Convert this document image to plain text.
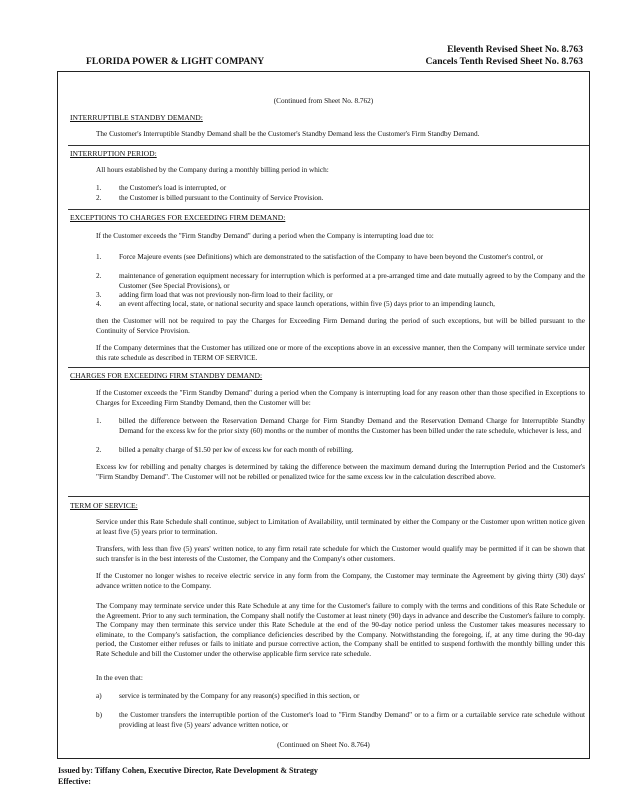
Eleventh Revised Sheet No. 8.763
Cancels Tenth Revised Sheet No. 8.763
FLORIDA POWER & LIGHT COMPANY
(Continued from Sheet No. 8.762)
INTERRUPTIBLE STANDBY DEMAND:
The Customer's Interruptible Standby Demand shall be the Customer's Standby Demand less the Customer's Firm Standby Demand.
INTERRUPTION PERIOD:
All hours established by the Company during a monthly billing period in which:
1. the Customer's load is interrupted, or
2. the Customer is billed pursuant to the Continuity of Service Provision.
EXCEPTIONS TO CHARGES FOR EXCEEDING FIRM DEMAND:
If the Customer exceeds the "Firm Standby Demand" during a period when the Company is interrupting load due to:
1. Force Majeure events (see Definitions) which are demonstrated to the satisfaction of the Company to have been beyond the Customer's control, or
2. maintenance of generation equipment necessary for interruption which is performed at a pre-arranged time and date mutually agreed to by the Company and the Customer (See Special Provisions), or
3. adding firm load that was not previously non-firm load to their facility, or
4. an event affecting local, state, or national security and space launch operations, within five (5) days prior to an impending launch,
then the Customer will not be required to pay the Charges for Exceeding Firm Demand during the period of such exceptions, but will be billed pursuant to the Continuity of Service Provision.
If the Company determines that the Customer has utilized one or more of the exceptions above in an excessive manner, then the Company will terminate service under this rate schedule as described in TERM OF SERVICE.
CHARGES FOR EXCEEDING FIRM STANDBY DEMAND:
If the Customer exceeds the "Firm Standby Demand" during a period when the Company is interrupting load for any reason other than those specified in Exceptions to Charges for Exceeding Firm Standby Demand, then the Customer will be:
1. billed the difference between the Reservation Demand Charge for Firm Standby Demand and the Reservation Demand Charge for Interruptible Standby Demand for the excess kw for the prior sixty (60) months or the number of months the Customer has been billed under the rate schedule, whichever is less, and
2. billed a penalty charge of $1.50 per kw of excess kw for each month of rebilling.
Excess kw for rebilling and penalty charges is determined by taking the difference between the maximum demand during the Interruption Period and the Customer's "Firm Standby Demand". The Customer will not be rebilled or penalized twice for the same excess kw in the calculation described above.
TERM OF SERVICE:
Service under this Rate Schedule shall continue, subject to Limitation of Availability, until terminated by either the Company or the Customer upon written notice given at least five (5) years prior to termination.
Transfers, with less than five (5) years' written notice, to any firm retail rate schedule for which the Customer would qualify may be permitted if it can be shown that such transfer is in the best interests of the Customer, the Company and the Company's other customers.
If the Customer no longer wishes to receive electric service in any form from the Company, the Customer may terminate the Agreement by giving thirty (30) days' advance written notice to the Company.
The Company may terminate service under this Rate Schedule at any time for the Customer's failure to comply with the terms and conditions of this Rate Schedule or the Agreement. Prior to any such termination, the Company shall notify the Customer at least ninety (90) days in advance and describe the Customer's failure to comply. The Company may then terminate this service under this Rate Schedule at the end of the 90-day notice period unless the Customer takes measures necessary to eliminate, to the Company's satisfaction, the compliance deficiencies described by the Company. Notwithstanding the foregoing, if, at any time during the 90-day period, the Customer either refuses or fails to initiate and pursue corrective action, the Company shall be entitled to suspend forthwith the monthly billing under this Rate Schedule and bill the Customer under the otherwise applicable firm service rate schedule.
In the even that:
a) service is terminated by the Company for any reason(s) specified in this section, or
b) the Customer transfers the interruptible portion of the Customer's load to "Firm Standby Demand" or to a firm or a curtailable service rate schedule without providing at least five (5) years' advance written notice, or
(Continued on Sheet No. 8.764)
Issued by: Tiffany Cohen, Executive Director, Rate Development & Strategy
Effective:
